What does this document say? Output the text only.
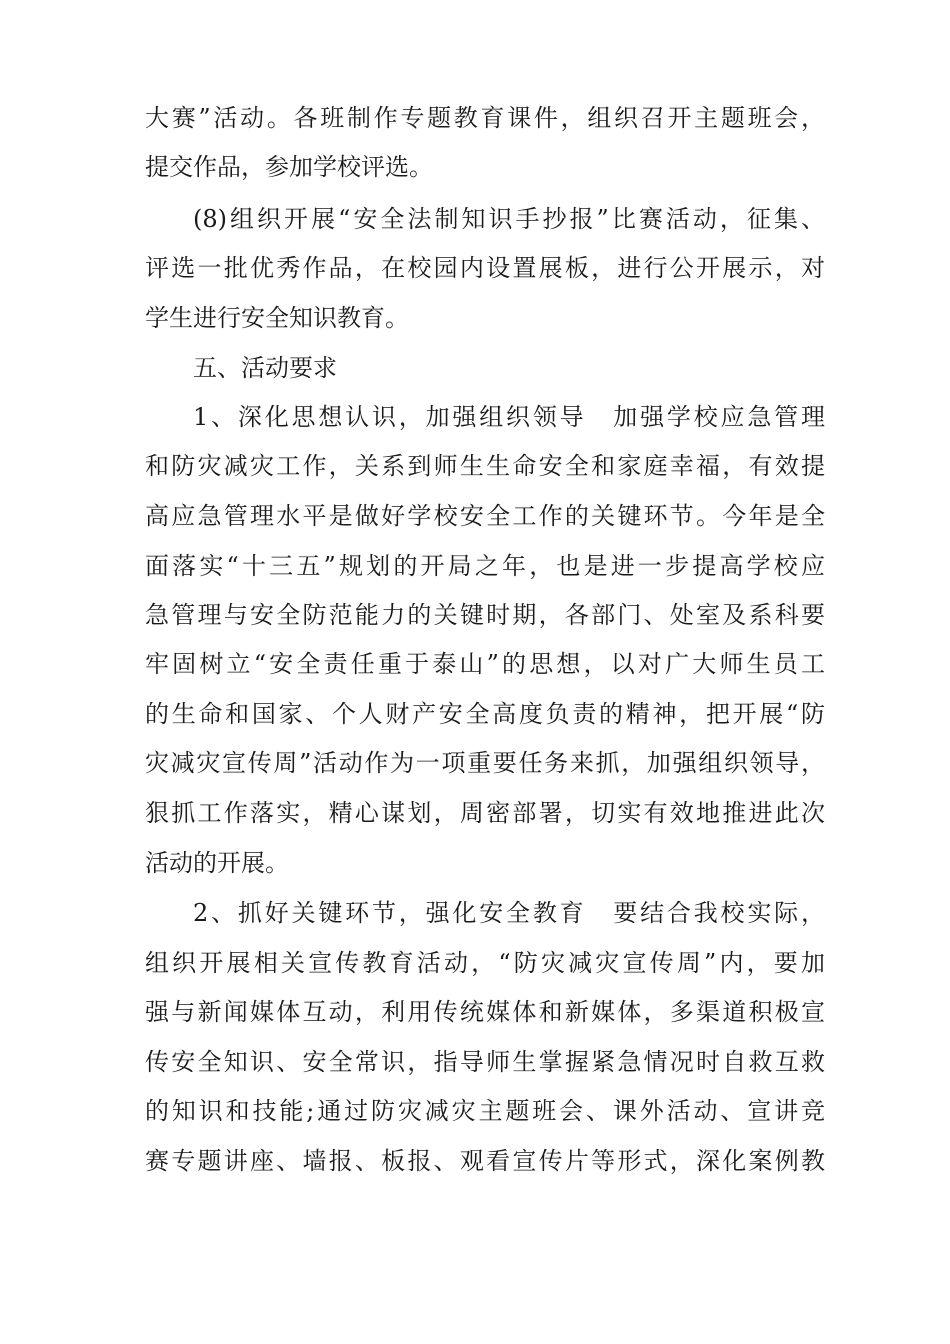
大赛”活动。各班制作专题教育课件，组织召开主题班会，
提交作品，参加学校评选。
(8)组织开展“安全法制知识手抄报”比赛活动，征集、
评选一批优秀作品，在校园内设置展板，进行公开展示，对
学生进行安全知识教育。
五、活动要求
1、深化思想认识，加强组织领导　加强学校应急管理
和防灾减灾工作，关系到师生生命安全和家庭幸福，有效提
高应急管理水平是做好学校安全工作的关键环节。今年是全
面落实“十三五”规划的开局之年，也是进一步提高学校应
急管理与安全防范能力的关键时期，各部门、处室及系科要
牢固树立“安全责任重于泰山”的思想，以对广大师生员工
的生命和国家、个人财产安全高度负责的精神，把开展“防
灾减灾宣传周”活动作为一项重要任务来抓，加强组织领导，
狠抓工作落实，精心谋划，周密部署，切实有效地推进此次
活动的开展。
2、抓好关键环节，强化安全教育　要结合我校实际，
组织开展相关宣传教育活动，“防灾减灾宣传周”内，要加
强与新闻媒体互动，利用传统媒体和新媒体，多渠道积极宣
传安全知识、安全常识，指导师生掌握紧急情况时自救互救
的知识和技能;通过防灾减灾主题班会、课外活动、宣讲竞
赛专题讲座、墙报、板报、观看宣传片等形式，深化案例教
